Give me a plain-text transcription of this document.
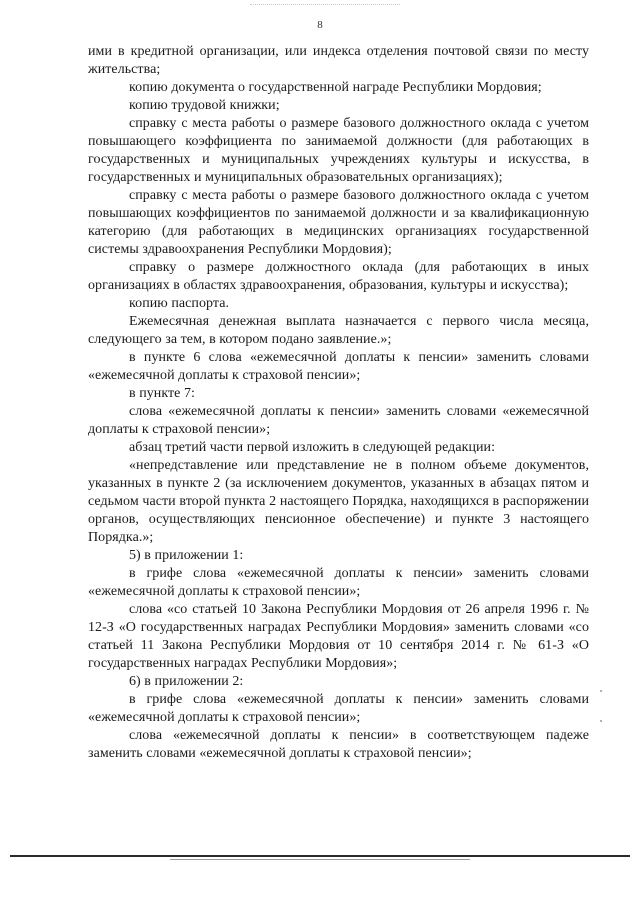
8

ими в кредитной организации, или индекса отделения почтовой связи по месту жительства;

копию документа о государственной награде Республики Мордовия;

копию трудовой книжки;

справку с места работы о размере базового должностного оклада с учетом повышающего коэффициента по занимаемой должности (для работающих в государственных и муниципальных учреждениях культуры и искусства, в государственных и муниципальных образовательных организациях);

справку с места работы о размере базового должностного оклада с учетом повышающих коэффициентов по занимаемой должности и за квалификационную категорию (для работающих в медицинских организациях государственной системы здравоохранения Республики Мордовия);

справку о размере должностного оклада (для работающих в иных организациях в областях здравоохранения, образования, культуры и искусства);

копию паспорта.

Ежемесячная денежная выплата назначается с первого числа месяца, следующего за тем, в котором подано заявление.»;

в пункте 6 слова «ежемесячной доплаты к пенсии» заменить словами «ежемесячной доплаты к страховой пенсии»;

в пункте 7:

слова «ежемесячной доплаты к пенсии» заменить словами «ежемесячной доплаты к страховой пенсии»;

абзац третий части первой изложить в следующей редакции:

«непредставление или представление не в полном объеме документов, указанных в пункте 2 (за исключением документов, указанных в абзацах пятом и седьмом части второй пункта 2 настоящего Порядка, находящихся в распоряжении органов, осуществляющих пенсионное обеспечение) и пункте 3 настоящего Порядка.»;

5) в приложении 1:

в грифе слова «ежемесячной доплаты к пенсии» заменить словами «ежемесячной доплаты к страховой пенсии»;

слова «со статьей 10 Закона Республики Мордовия от 26 апреля 1996 г. № 12-З «О государственных наградах Республики Мордовия» заменить словами «со статьей 11 Закона Республики Мордовия от 10 сентября 2014 г. № 61-З «О государственных наградах Республики Мордовия»;

6) в приложении 2:

в грифе слова «ежемесячной доплаты к пенсии» заменить словами «ежемесячной доплаты к страховой пенсии»;

слова «ежемесячной доплаты к пенсии» в соответствующем падеже заменить словами «ежемесячной доплаты к страховой пенсии»;
